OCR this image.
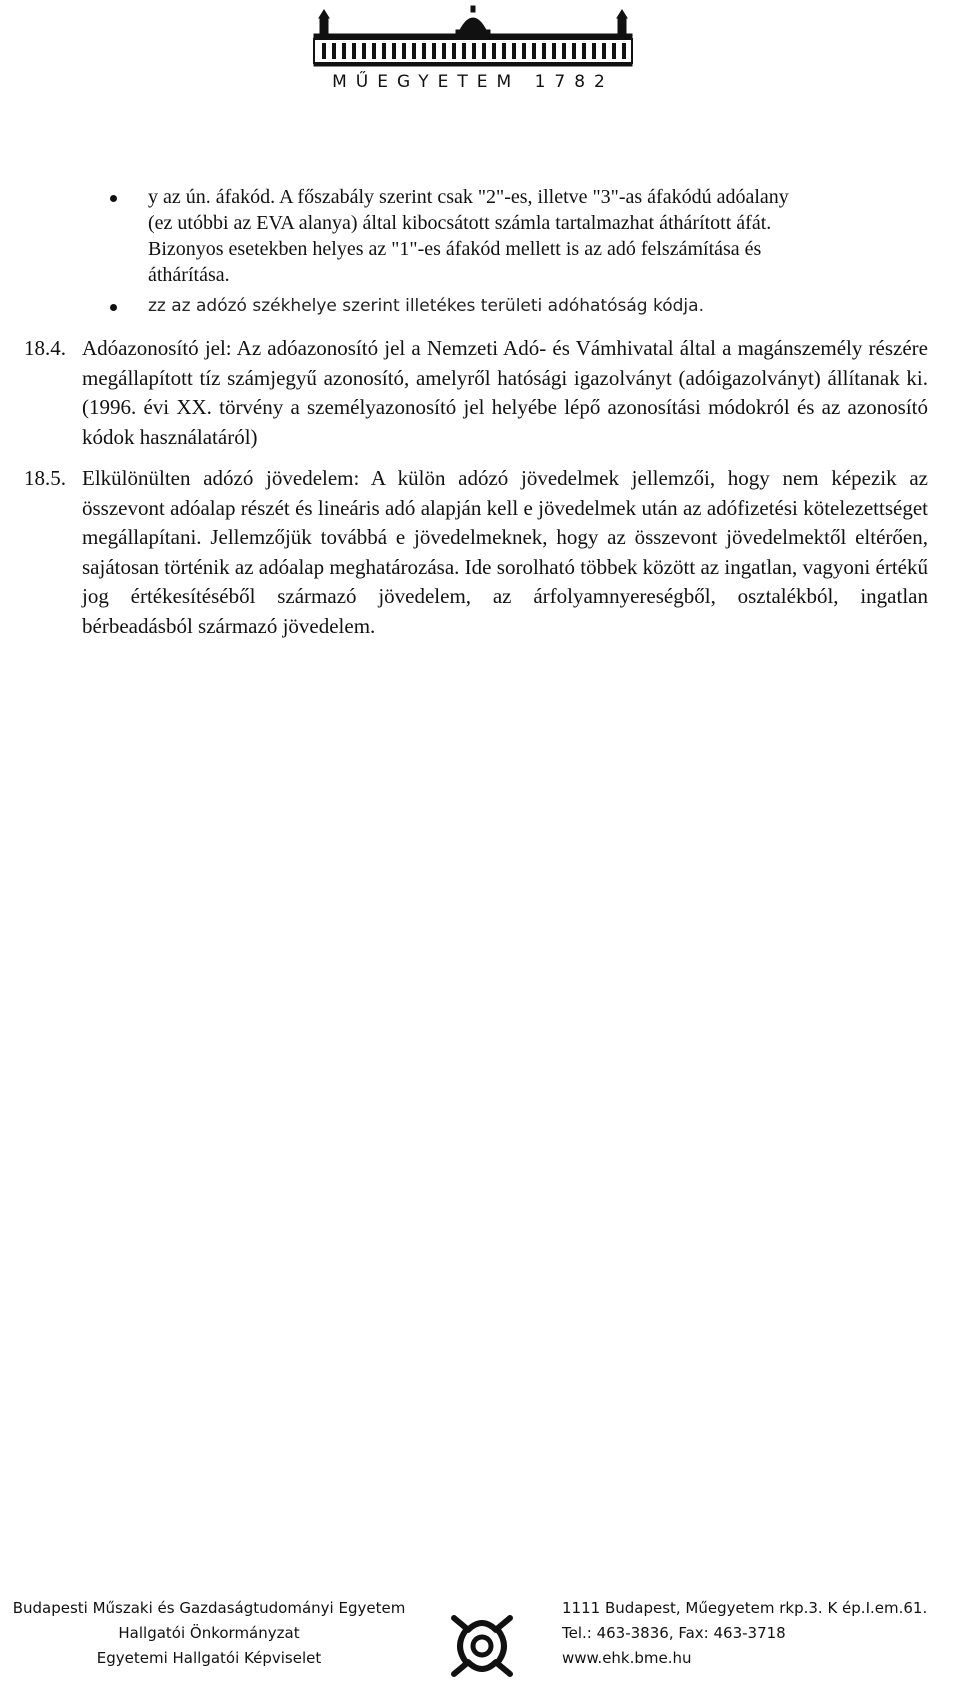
MŰEGYETEM 1782

y az ún. áfakód. A főszabály szerint csak "2"-es, illetve "3"-as áfakódú adóalany
(ez utóbbi az EVA alanya) által kibocsátott számla tartalmazhat áthárított áfát.
Bizonyos esetekben helyes az "1"-es áfakód mellett is az adó felszámítása és
áthárítása.

zz az adózó székhelye szerint illetékes területi adóhatóság kódja.

18.4. Adóazonosító jel: Az adóazonosító jel a Nemzeti Adó- és Vámhivatal által a magánszemély részére megállapított tíz számjegyű azonosító, amelyről hatósági igazolványt (adóigazolványt) állítanak ki. (1996. évi XX. törvény a személyazonosító jel helyébe lépő azonosítási módokról és az azonosító kódok használatáról)

18.5. Elkülönülten adózó jövedelem: A külön adózó jövedelmek jellemzői, hogy nem képezik az összevont adóalap részét és lineáris adó alapján kell e jövedelmek után az adófizetési kötelezettséget megállapítani. Jellemzőjük továbbá e jövedelmeknek, hogy az összevont jövedelmektől eltérően, sajátosan történik az adóalap meghatározása. Ide sorolható többek között az ingatlan, vagyoni értékű jog értékesítéséből származó jövedelem, az árfolyamnyereségből, osztalékból, ingatlan bérbeadásból származó jövedelem.

Budapesti Műszaki és Gazdaságtudományi Egyetem
Hallgatói Önkormányzat
Egyetemi Hallgatói Képviselet
1111 Budapest, Műegyetem rkp.3. K ép.I.em.61.
Tel.: 463-3836, Fax: 463-3718
www.ehk.bme.hu
